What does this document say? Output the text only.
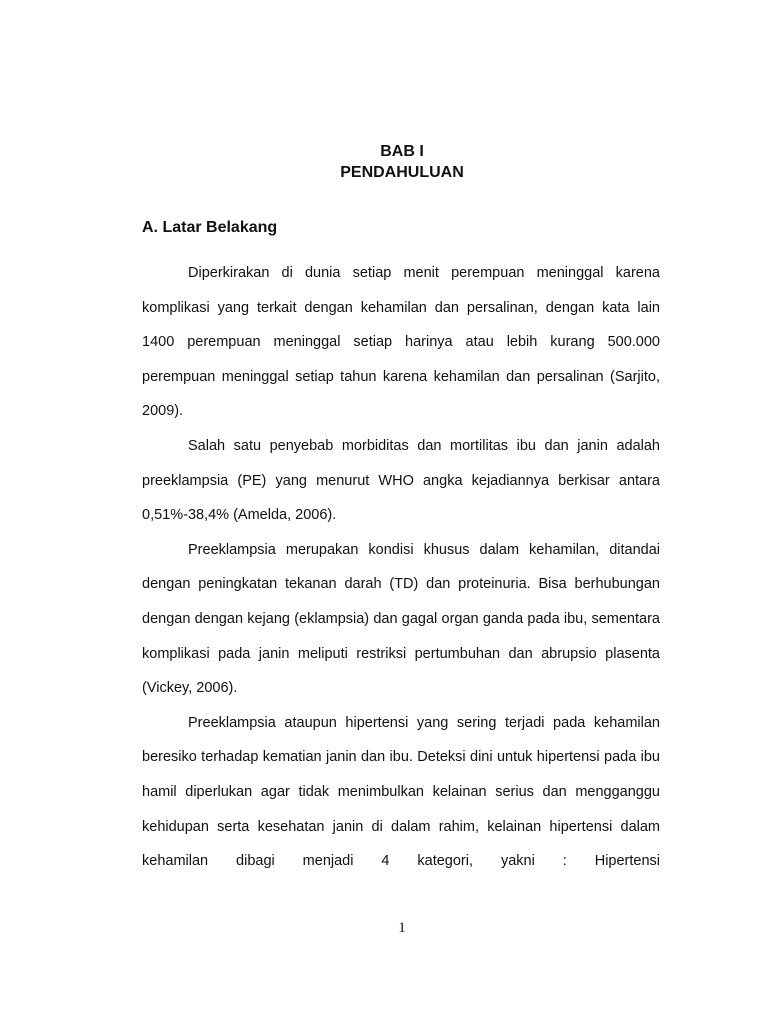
BAB I
PENDAHULUAN
A. Latar Belakang

Diperkirakan di dunia setiap menit perempuan meninggal karena komplikasi yang terkait dengan kehamilan dan persalinan, dengan kata lain 1400 perempuan meninggal setiap harinya atau lebih kurang 500.000 perempuan meninggal setiap tahun karena kehamilan dan persalinan (Sarjito, 2009).

Salah satu penyebab morbiditas dan mortilitas ibu dan janin adalah preeklampsia (PE) yang menurut WHO angka kejadiannya berkisar antara 0,51%-38,4% (Amelda, 2006).

Preeklampsia merupakan kondisi khusus dalam kehamilan, ditandai dengan peningkatan tekanan darah (TD) dan proteinuria. Bisa berhubungan dengan dengan kejang (eklampsia) dan gagal organ ganda pada ibu, sementara komplikasi pada janin meliputi restriksi pertumbuhan dan abrupsio plasenta (Vickey, 2006).

Preeklampsia ataupun hipertensi yang sering terjadi pada kehamilan beresiko terhadap kematian janin dan ibu. Deteksi dini untuk hipertensi pada ibu hamil diperlukan agar tidak menimbulkan kelainan serius dan mengganggu kehidupan serta kesehatan janin di dalam rahim, kelainan hipertensi dalam kehamilan dibagi menjadi 4 kategori, yakni : Hipertensi

1
